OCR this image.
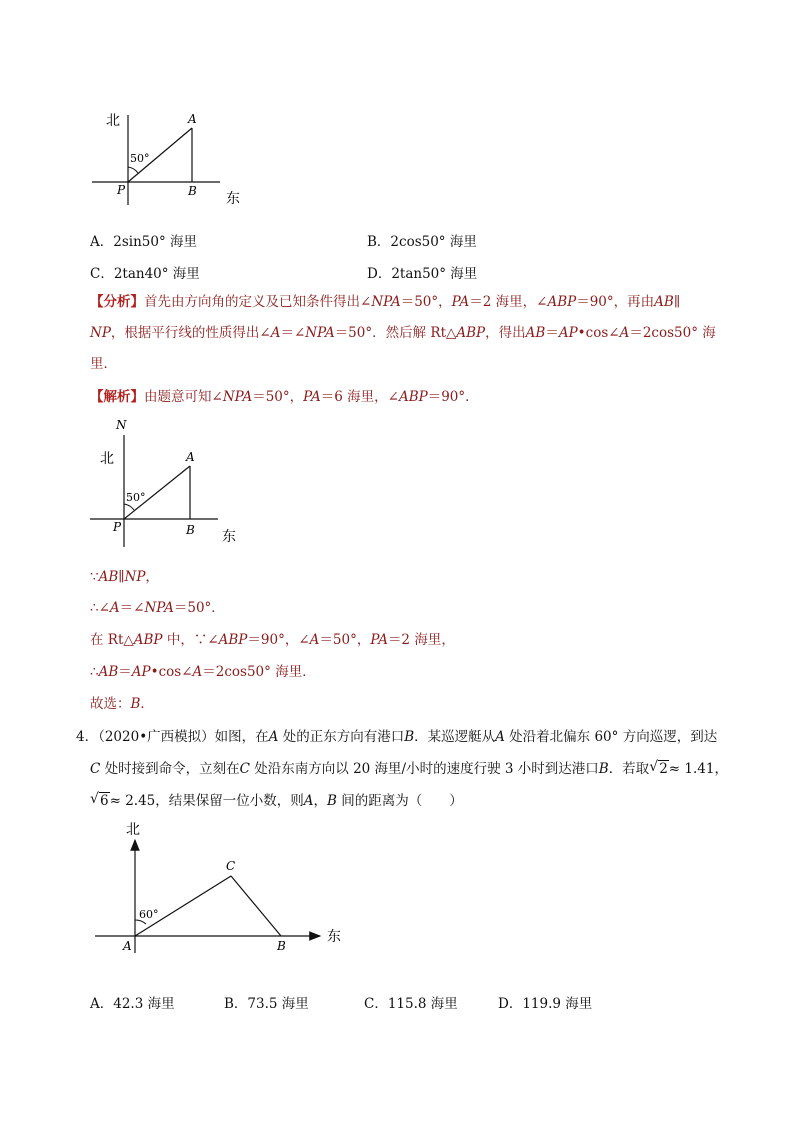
北	A
B
P
50°
东
A．2sin50° 海里	B．2cos50° 海里
C．2tan40° 海里	D．2tan50° 海里
【分析】首先由方向角的定义及已知条件得出∠NPA＝50°，PA＝2 海里，∠ABP＝90°，再由AB∥
NP，根据平行线的性质得出∠A＝∠NPA＝50°．然后解 Rt△ABP，得出AB＝AP•cos∠A＝2cos50° 海
里．
【解析】由题意可知∠NPA＝50°，PA＝6 海里，∠ABP＝90°．
N
北	A
B
P
50°
东
∵AB∥NP，
∴∠A＝∠NPA＝50°．
在 Rt△ABP 中，∵∠ABP＝90°，∠A＝50°，PA＝2 海里，
∴AB＝AP•cos∠A＝2cos50° 海里．
故选：B．
4．（2020•广西模拟）如图，在A 处的正东方向有港口B．某巡逻艇从A 处沿着北偏东 60° 方向巡逻，到达
C 处时接到命令，立刻在C 处沿东南方向以 20 海里/小时的速度行驶 3 小时到达港口B．若取√ 2≈ 1.41，
√ 6≈ 2.45，结果保留一位小数，则A，B 间的距离为（　　）
北
C
A	B
60°
东
A．42.3 海里	B．73.5 海里	C．115.8 海里	D．119.9 海里
